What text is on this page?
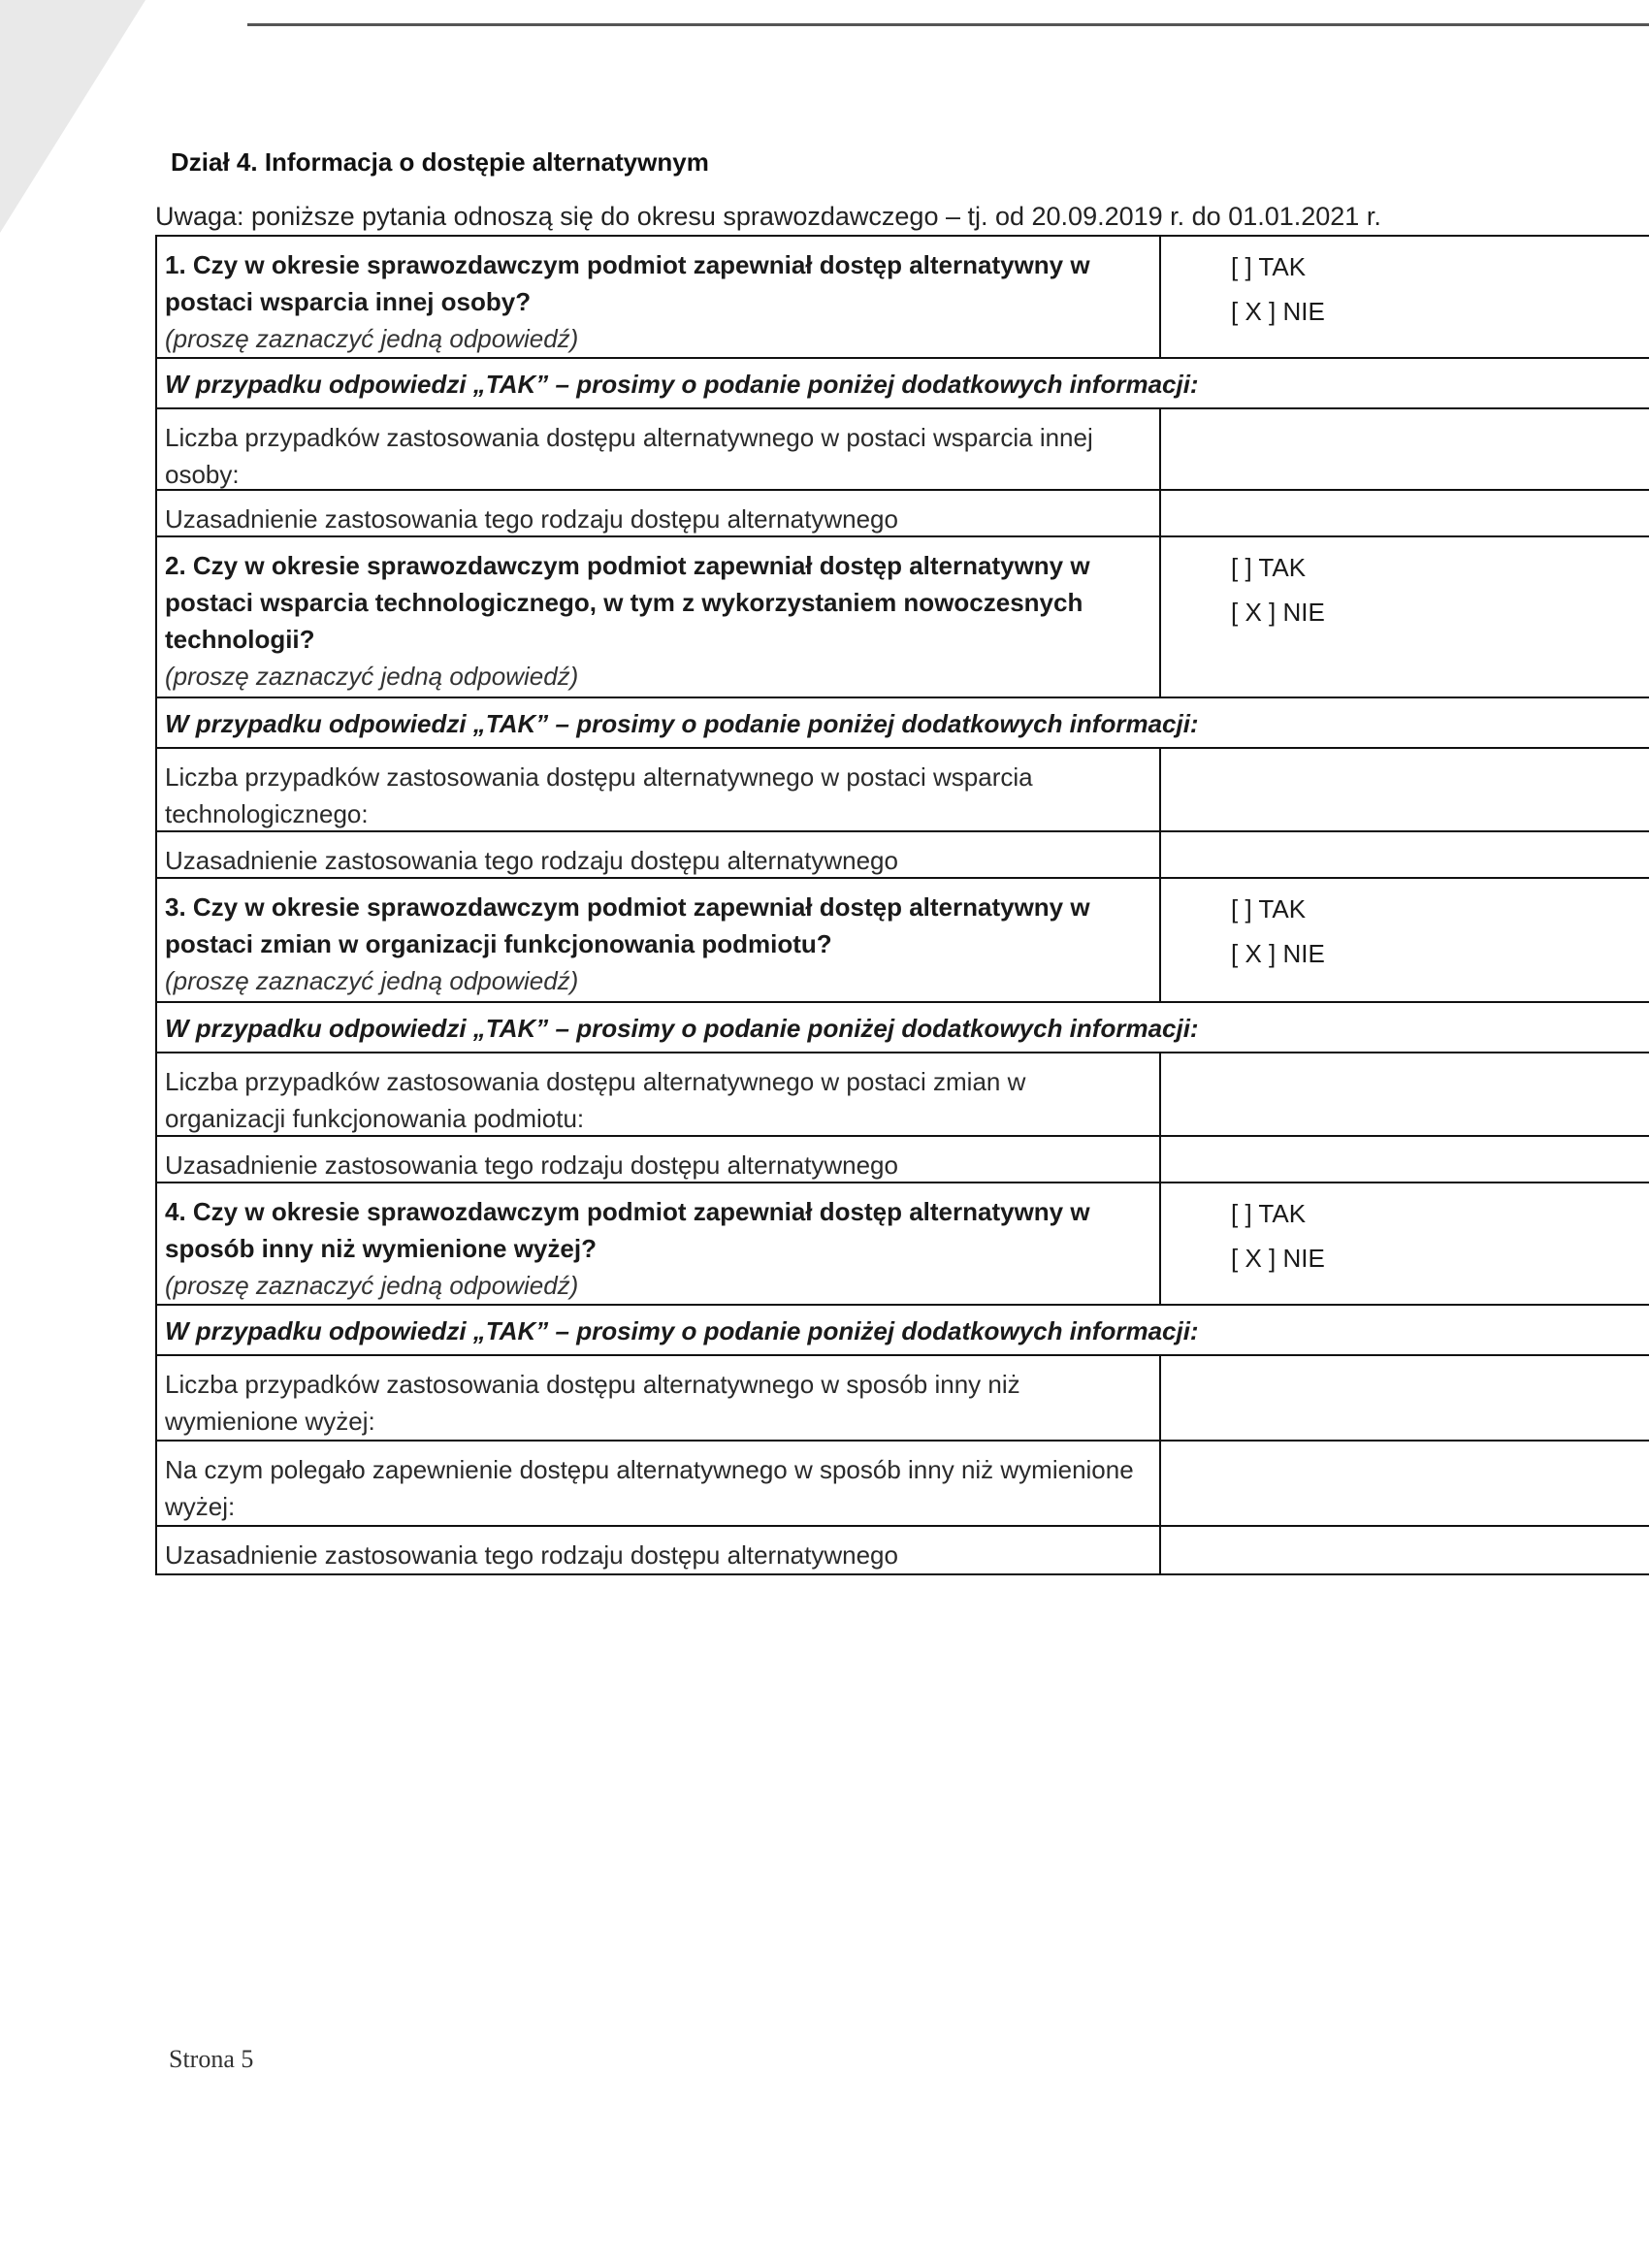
Dział 4. Informacja o dostępie alternatywnym
Uwaga: poniższe pytania odnoszą się do okresu sprawozdawczego – tj. od 20.09.2019 r. do 01.01.2021 r.
1. Czy w okresie sprawozdawczym podmiot zapewniał dostęp alternatywny w postaci wsparcia innej osoby?
(proszę zaznaczyć jedną odpowiedź)
[ ] TAK
[ X ] NIE
W przypadku odpowiedzi „TAK” – prosimy o podanie poniżej dodatkowych informacji:
Liczba przypadków zastosowania dostępu alternatywnego w postaci wsparcia innej osoby:
Uzasadnienie zastosowania tego rodzaju dostępu alternatywnego
2. Czy w okresie sprawozdawczym podmiot zapewniał dostęp alternatywny w postaci wsparcia technologicznego, w tym z wykorzystaniem nowoczesnych technologii?
(proszę zaznaczyć jedną odpowiedź)
[ ] TAK
[ X ] NIE
W przypadku odpowiedzi „TAK” – prosimy o podanie poniżej dodatkowych informacji:
Liczba przypadków zastosowania dostępu alternatywnego w postaci wsparcia technologicznego:
Uzasadnienie zastosowania tego rodzaju dostępu alternatywnego
3. Czy w okresie sprawozdawczym podmiot zapewniał dostęp alternatywny w postaci zmian w organizacji funkcjonowania podmiotu?
(proszę zaznaczyć jedną odpowiedź)
[ ] TAK
[ X ] NIE
W przypadku odpowiedzi „TAK” – prosimy o podanie poniżej dodatkowych informacji:
Liczba przypadków zastosowania dostępu alternatywnego w postaci zmian w organizacji funkcjonowania podmiotu:
Uzasadnienie zastosowania tego rodzaju dostępu alternatywnego
4. Czy w okresie sprawozdawczym podmiot zapewniał dostęp alternatywny w sposób inny niż wymienione wyżej?
(proszę zaznaczyć jedną odpowiedź)
[ ] TAK
[ X ] NIE
W przypadku odpowiedzi „TAK” – prosimy o podanie poniżej dodatkowych informacji:
Liczba przypadków zastosowania dostępu alternatywnego w sposób inny niż wymienione wyżej:
Na czym polegało zapewnienie dostępu alternatywnego w sposób inny niż wymienione wyżej:
Uzasadnienie zastosowania tego rodzaju dostępu alternatywnego
Strona 5
